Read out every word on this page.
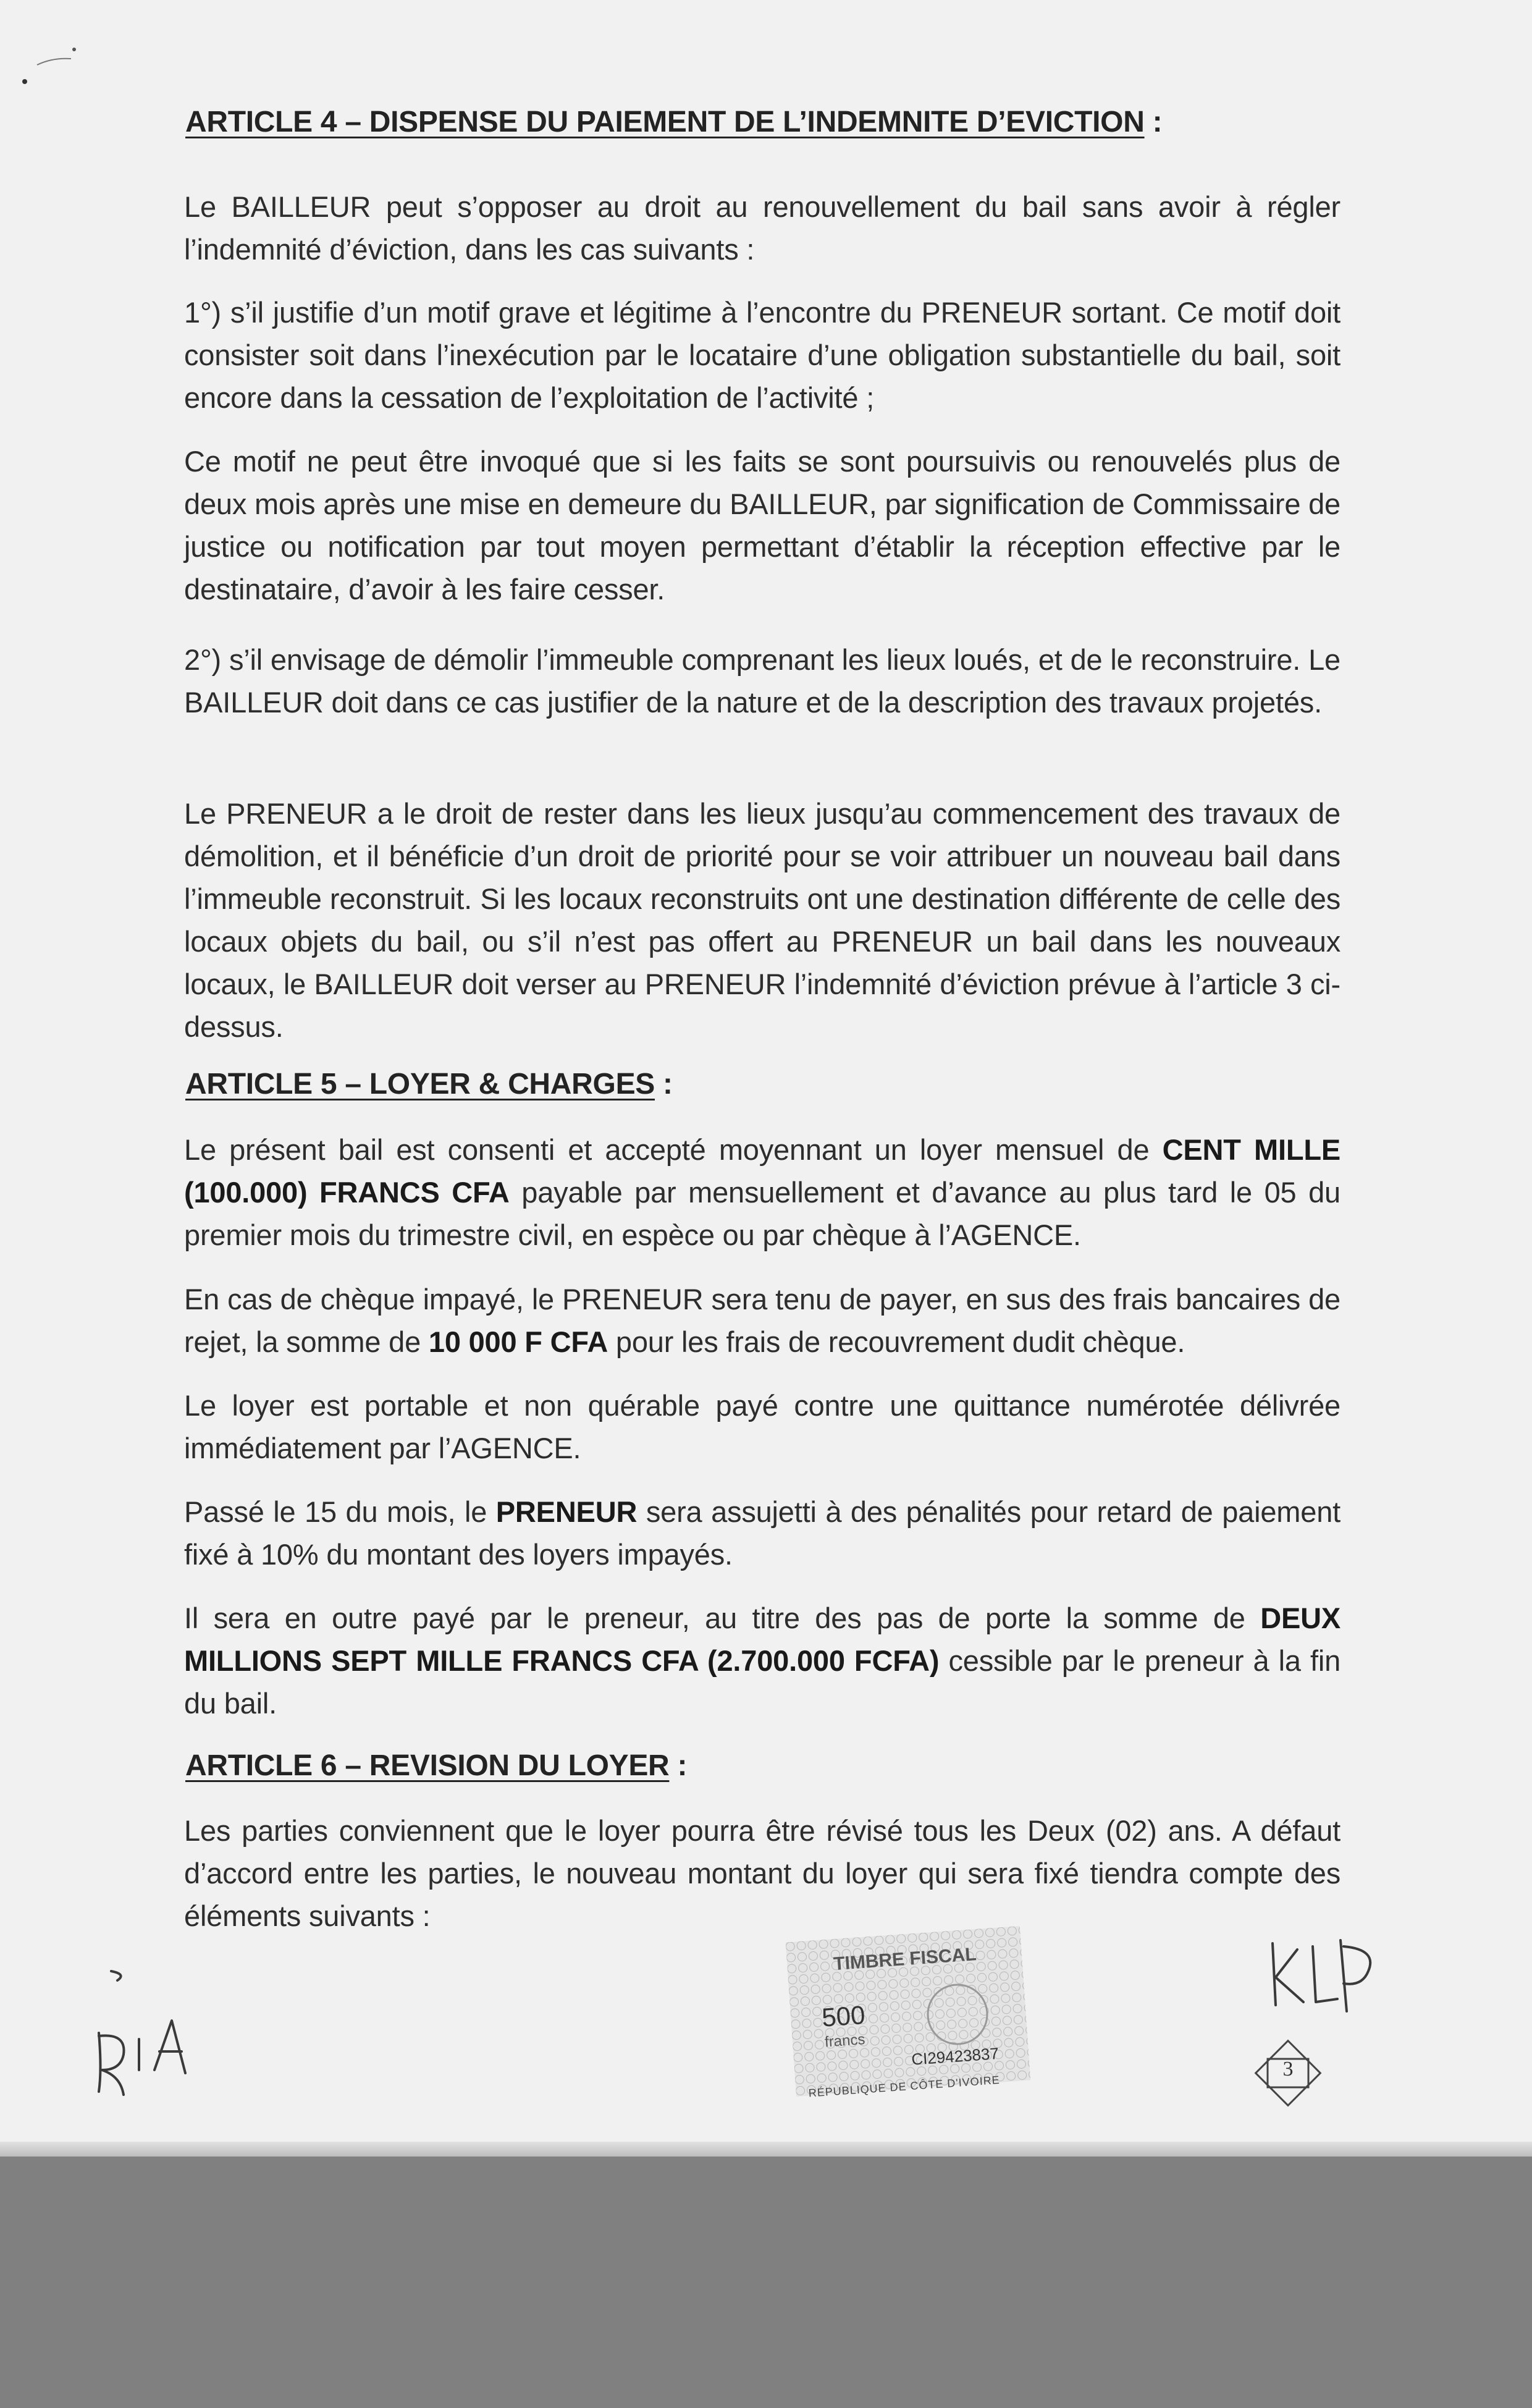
ARTICLE 4 – DISPENSE DU PAIEMENT DE L’INDEMNITE D’EVICTION :

Le BAILLEUR peut s’opposer au droit au renouvellement du bail sans avoir à régler l’indemnité d’éviction, dans les cas suivants :

1°) s’il justifie d’un motif grave et légitime à l’encontre du PRENEUR sortant. Ce motif doit consister soit dans l’inexécution par le locataire d’une obligation substantielle du bail, soit encore dans la cessation de l’exploitation de l’activité ;

Ce motif ne peut être invoqué que si les faits se sont poursuivis ou renouvelés plus de deux mois après une mise en demeure du BAILLEUR, par signification de Commissaire de justice ou notification par tout moyen permettant d’établir la réception effective par le destinataire, d’avoir à les faire cesser.

2°) s’il envisage de démolir l’immeuble comprenant les lieux loués, et de le reconstruire. Le BAILLEUR doit dans ce cas justifier de la nature et de la description des travaux projetés.

Le PRENEUR a le droit de rester dans les lieux jusqu’au commencement des travaux de démolition, et il bénéficie d’un droit de priorité pour se voir attribuer un nouveau bail dans l’immeuble reconstruit. Si les locaux reconstruits ont une destination différente de celle des locaux objets du bail, ou s’il n’est pas offert au PRENEUR un bail dans les nouveaux locaux, le BAILLEUR doit verser au PRENEUR l’indemnité d’éviction prévue à l’article 3 ci-dessus.

ARTICLE 5 – LOYER & CHARGES :

Le présent bail est consenti et accepté moyennant un loyer mensuel de CENT MILLE (100.000) FRANCS CFA payable par mensuellement et d’avance au plus tard le 05 du premier mois du trimestre civil, en espèce ou par chèque à l’AGENCE.

En cas de chèque impayé, le PRENEUR sera tenu de payer, en sus des frais bancaires de rejet, la somme de 10 000 F CFA pour les frais de recouvrement dudit chèque.

Le loyer est portable et non quérable payé contre une quittance numérotée délivrée immédiatement par l’AGENCE.

Passé le 15 du mois, le PRENEUR sera assujetti à des pénalités pour retard de paiement fixé à 10% du montant des loyers impayés.

Il sera en outre payé par le preneur, au titre des pas de porte la somme de DEUX MILLIONS SEPT MILLE FRANCS CFA (2.700.000 FCFA) cessible par le preneur à la fin du bail.

ARTICLE 6 – REVISION DU LOYER :

Les parties conviennent que le loyer pourra être révisé tous les Deux (02) ans. A défaut d’accord entre les parties, le nouveau montant du loyer qui sera fixé tiendra compte des éléments suivants :

TIMBRE FISCAL
500
francs
CI29423837
RÉPUBLIQUE DE CÔTE D'IVOIRE
3
